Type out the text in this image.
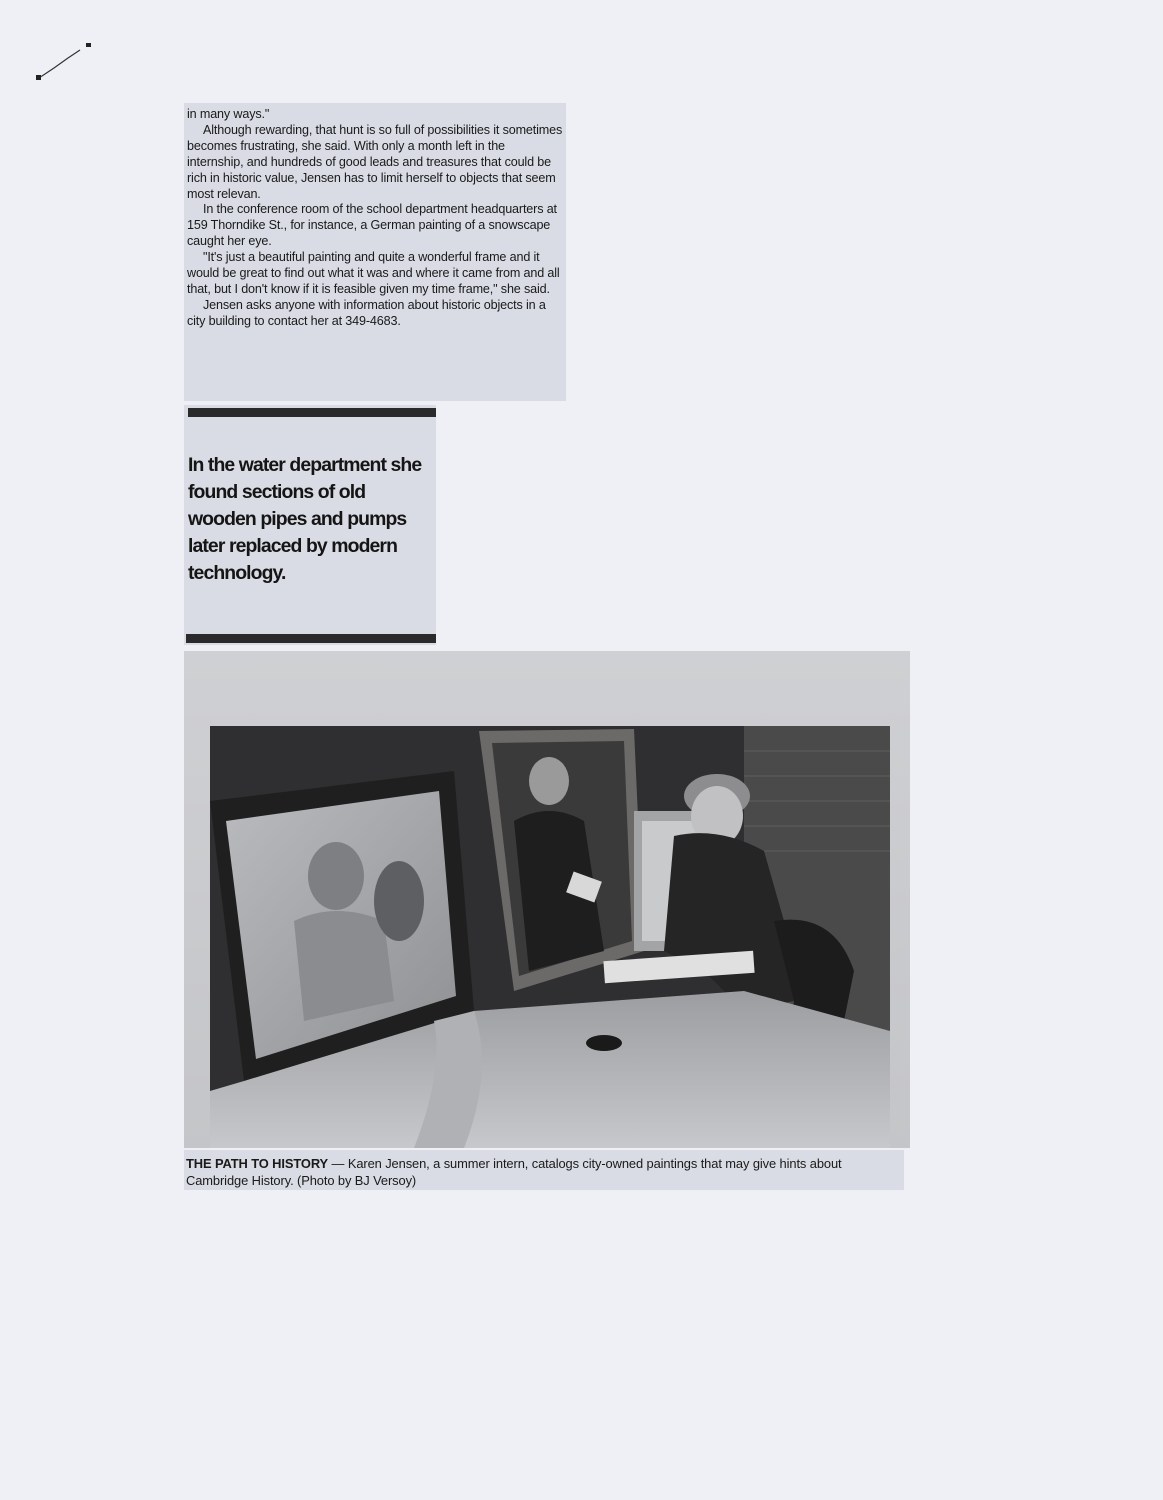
in many ways."

Although rewarding, that hunt is so full of possibilities it sometimes becomes frustrating, she said. With only a month left in the internship, and hundreds of good leads and treasures that could be rich in historic value, Jensen has to limit herself to objects that seem most relevan.

In the conference room of the school department headquarters at 159 Thorndike St., for instance, a German painting of a snowscape caught her eye.

"It's just a beautiful painting and quite a wonderful frame and it would be great to find out what it was and where it came from and all that, but I don't know if it is feasible given my time frame," she said.

Jensen asks anyone with information about historic objects in a city building to contact her at 349-4683.

In the water department she found sections of old wooden pipes and pumps later replaced by modern technology.
THE PATH TO HISTORY — Karen Jensen, a summer intern, catalogs city-owned paintings that may give hints about Cambridge History. (Photo by BJ Versoy)
